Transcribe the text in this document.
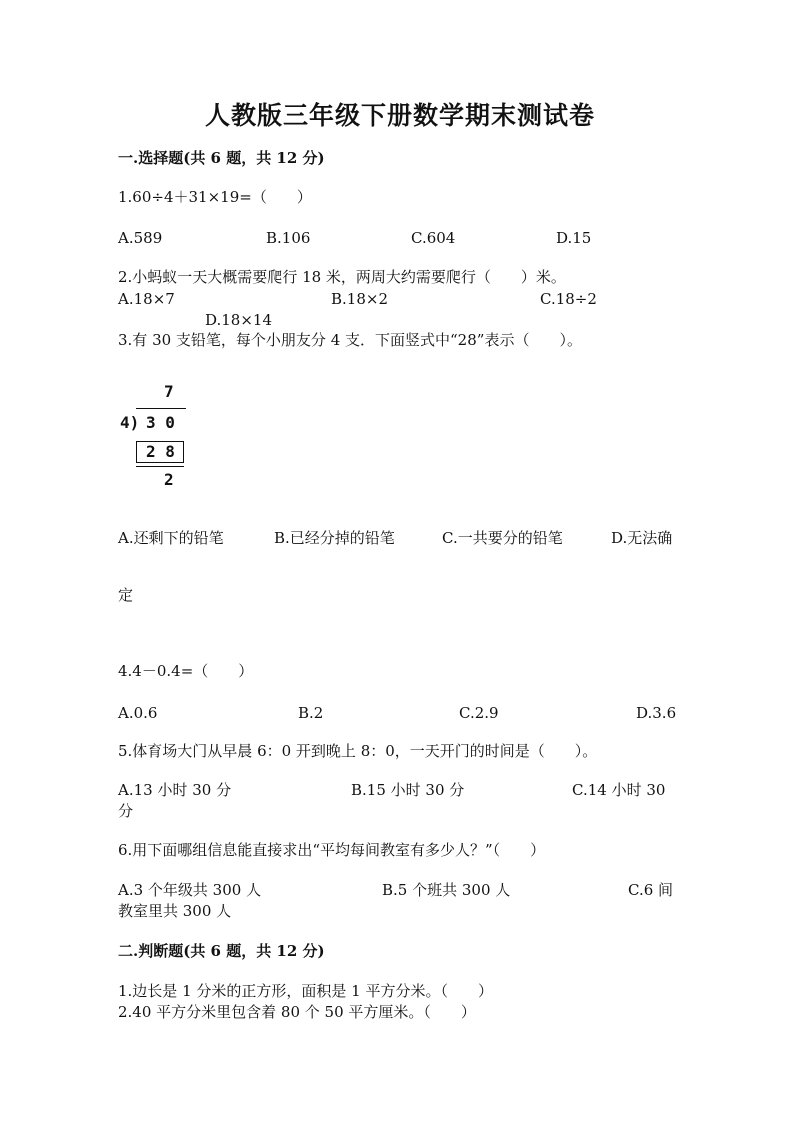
人教版三年级下册数学期末测试卷
一.选择题(共 6 题，共 12 分)
1.60÷4＋31×19=（　　）
A.589	B.106	C.604	D.15
2.小蚂蚁一天大概需要爬行 18 米，两周大约需要爬行（　　）米。
A.18×7	B.18×2	C.18÷2
D.18×14
3.有 30 支铅笔，每个小朋友分 4 支．下面竖式中“28”表示（　　）。
7
4) 3 0
2 8
2
A.还剩下的铅笔	B.已经分掉的铅笔	C.一共要分的铅笔	D.无法确
定
4.4－0.4=（　　）
A.0.6	B.2	C.2.9	D.3.6
5.体育场大门从早晨 6：0 开到晚上 8：0，一天开门的时间是（　　）。
A.13 小时 30 分	B.15 小时 30 分	C.14 小时 30
分
6.用下面哪组信息能直接求出“平均每间教室有多少人？”（　　）
A.3 个年级共 300 人	B.5 个班共 300 人	C.6 间
教室里共 300 人
二.判断题(共 6 题，共 12 分)
1.边长是 1 分米的正方形，面积是 1 平方分米。（　　）
2.40 平方分米里包含着 80 个 50 平方厘米。（　　）
